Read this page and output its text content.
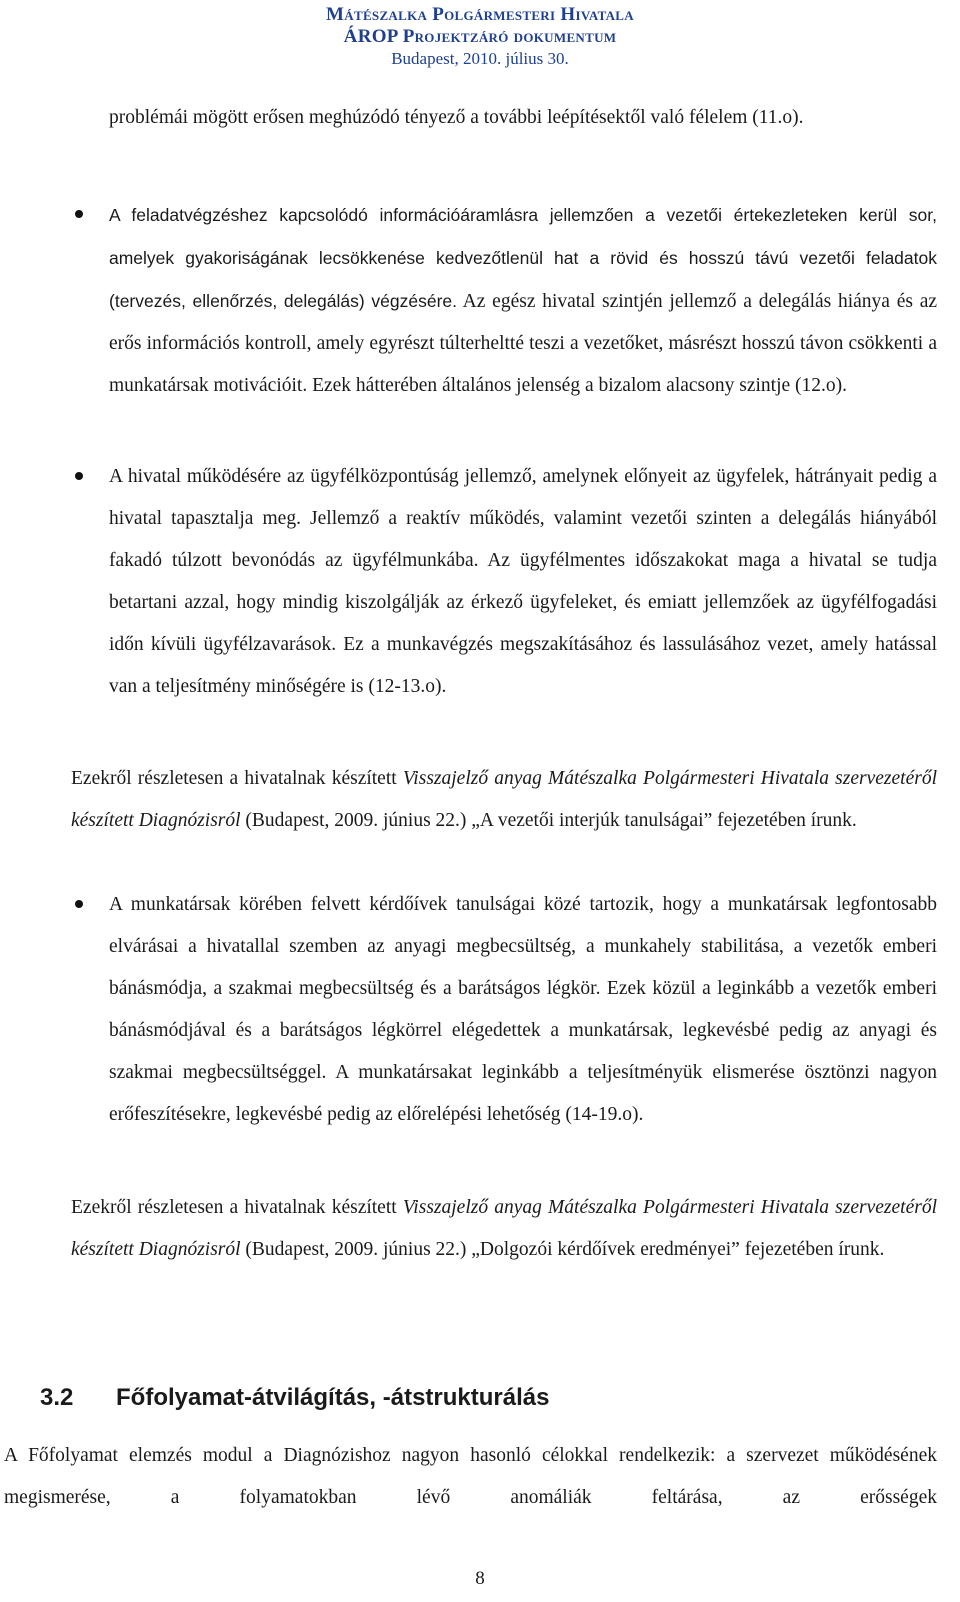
Mátészalka Polgármesteri Hivatala
ÁROP Projektzáró dokumentum
Budapest, 2010. július 30.

problémái mögött erősen meghúzódó tényező a további leépítésektől való félelem (11.o).

A feladatvégzéshez kapcsolódó információáramlásra jellemzően a vezetői értekezleteken kerül sor, amelyek gyakoriságának lecsökkenése kedvezőtlenül hat a rövid és hosszú távú vezetői feladatok (tervezés, ellenőrzés, delegálás) végzésére. Az egész hivatal szintjén jellemző a delegálás hiánya és az erős információs kontroll, amely egyrészt túlterheltté teszi a vezetőket, másrészt hosszú távon csökkenti a munkatársak motivációit. Ezek hátterében általános jelenség a bizalom alacsony szintje (12.o).

A hivatal működésére az ügyfélközpontúság jellemző, amelynek előnyeit az ügyfelek, hátrányait pedig a hivatal tapasztalja meg. Jellemző a reaktív működés, valamint vezetői szinten a delegálás hiányából fakadó túlzott bevonódás az ügyfélmunkába. Az ügyfélmentes időszakokat maga a hivatal se tudja betartani azzal, hogy mindig kiszolgálják az érkező ügyfeleket, és emiatt jellemzőek az ügyfélfogadási időn kívüli ügyfélzavarások. Ez a munkavégzés megszakításához és lassulásához vezet, amely hatással van a teljesítmény minőségére is (12-13.o).

Ezekről részletesen a hivatalnak készített Visszajelző anyag Mátészalka Polgármesteri Hivatala szervezetéről készített Diagnózisról (Budapest, 2009. június 22.) „A vezetői interjúk tanulságai” fejezetében írunk.

A munkatársak körében felvett kérdőívek tanulságai közé tartozik, hogy a munkatársak legfontosabb elvárásai a hivatallal szemben az anyagi megbecsültség, a munkahely stabilitása, a vezetők emberi bánásmódja, a szakmai megbecsültség és a barátságos légkör. Ezek közül a leginkább a vezetők emberi bánásmódjával és a barátságos légkörrel elégedettek a munkatársak, legkevésbé pedig az anyagi és szakmai megbecsültséggel. A munkatársakat leginkább a teljesítményük elismerése ösztönzi nagyon erőfeszítésekre, legkevésbé pedig az előrelépési lehetőség (14-19.o).

Ezekről részletesen a hivatalnak készített Visszajelző anyag Mátészalka Polgármesteri Hivatala szervezetéről készített Diagnózisról (Budapest, 2009. június 22.) „Dolgozói kérdőívek eredményei” fejezetében írunk.

3.2 Főfolyamat-átvilágítás, -átstrukturálás

A Főfolyamat elemzés modul a Diagnózishoz nagyon hasonló célokkal rendelkezik: a szervezet működésének megismerése, a folyamatokban lévő anomáliák feltárása, az erősségek

8
